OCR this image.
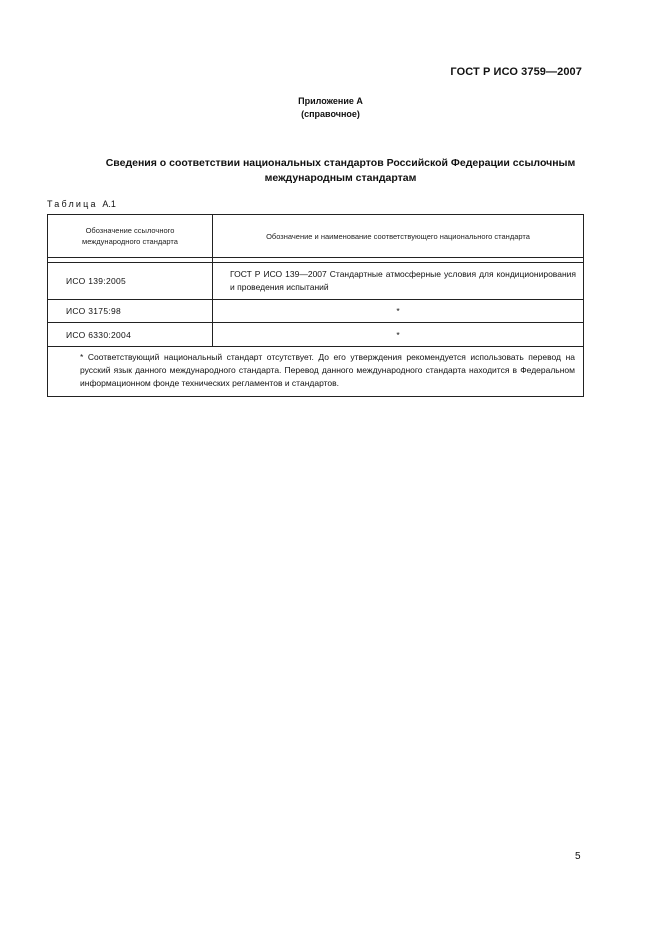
ГОСТ Р ИСО 3759—2007
Приложение А
(справочное)
Сведения о соответствии национальных стандартов Российской Федерации ссылочным
международным стандартам
Таблица А.1
Обозначение ссылочного
международного стандарта	Обозначение и наименование соответствующего национального стандарта

ИСО 139:2005	ГОСТ Р ИСО 139—2007 Стандартные атмосферные условия для кондиционирования и проведения испытаний
ИСО 3175:98	*
ИСО 6330:2004	*

* Соответствующий национальный стандарт отсутствует. До его утверждения рекомендуется использовать перевод на русский язык данного международного стандарта. Перевод данного международного стандарта находится в Федеральном информационном фонде технических регламентов и стандартов.	
5
